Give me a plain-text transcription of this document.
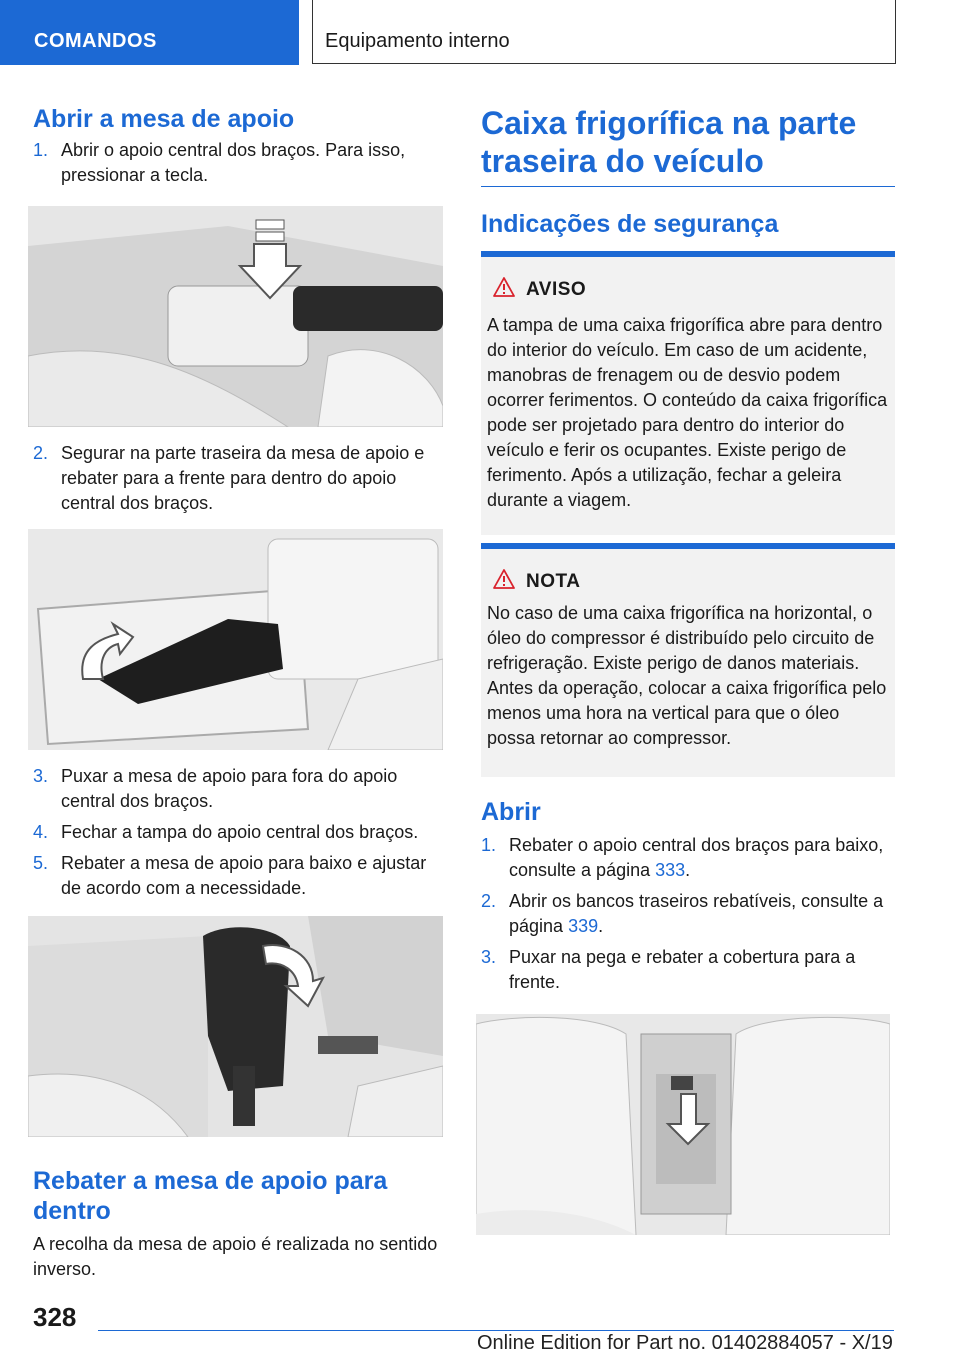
COMANDOS	Equipamento interno
Abrir a mesa de apoio
1. Abrir o apoio central dos braços. Para isso, pressionar a tecla.
2. Segurar na parte traseira da mesa de apoio e rebater para a frente para dentro do apoio central dos braços.
3. Puxar a mesa de apoio para fora do apoio central dos braços.
4. Fechar a tampa do apoio central dos braços.
5. Rebater a mesa de apoio para baixo e ajustar de acordo com a necessidade.
Rebater a mesa de apoio para dentro

A recolha da mesa de apoio é realizada no sentido inverso.

Caixa frigorífica na parte traseira do veículo
Indicações de segurança
AVISO
A tampa de uma caixa frigorífica abre para dentro do interior do veículo. Em caso de um acidente, manobras de frenagem ou de desvio podem ocorrer ferimentos. O conteúdo da caixa frigorífica pode ser projetado para dentro do interior do veículo e ferir os ocupantes. Existe perigo de ferimento. Após a utilização, fechar a geleira durante a viagem.
NOTA
No caso de uma caixa frigorífica na horizontal, o óleo do compressor é distribuído pelo circuito de refrigeração. Existe perigo de danos materiais. Antes da operação, colocar a caixa frigorífica pelo menos uma hora na vertical para que o óleo possa retornar ao compressor.
Abrir
1. Rebater o apoio central dos braços para baixo, consulte a página 333.
2. Abrir os bancos traseiros rebatíveis, consulte a página 339.
3. Puxar na pega e rebater a cobertura para a frente.
328
Online Edition for Part no. 01402884057 - X/19
